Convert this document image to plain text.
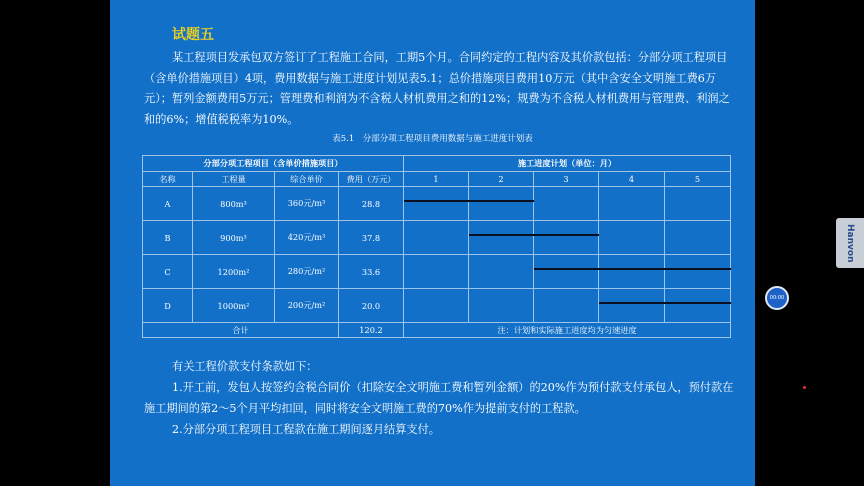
试题五
某工程项目发承包双方签订了工程施工合同，工期5个月。合同约定的工程内容及其价款包括：分部分项工程项目（含单价措施项目）4项，费用数据与施工进度计划见表5.1；总价措施项目费用10万元（其中含安全文明施工费6万元）；暂列金额费用5万元；管理费和利润为不含税人材机费用之和的12%；规费为不含税人材机费用与管理费、利润之和的6%；增值税税率为10%。
表5.1　分部分项工程项目费用数据与施工进度计划表
分部分项工程项目（含单价措施项目）				施工进度计划（单位：月）				
名称	工程量	综合单价	费用（万元）	1	2	3	4	5
A	800m³	360元/m³	28.8					
B	900m³	420元/m³	37.8					
C	1200m²	280元/m²	33.6					
D	1000m²	200元/m²	20.0					
合计			120.2	注：计划和实际施工进度均为匀速进度				

有关工程价款支付条款如下：

1.开工前，发包人按签约含税合同价（扣除安全文明施工费和暂列金额）的20%作为预付款支付承包人，预付款在施工期间的第2～5个月平均扣回，同时将安全文明施工费的70%作为提前支付的工程款。

2.分部分项工程项目工程款在施工期间逐月结算支付。

00:00
Hanvon
